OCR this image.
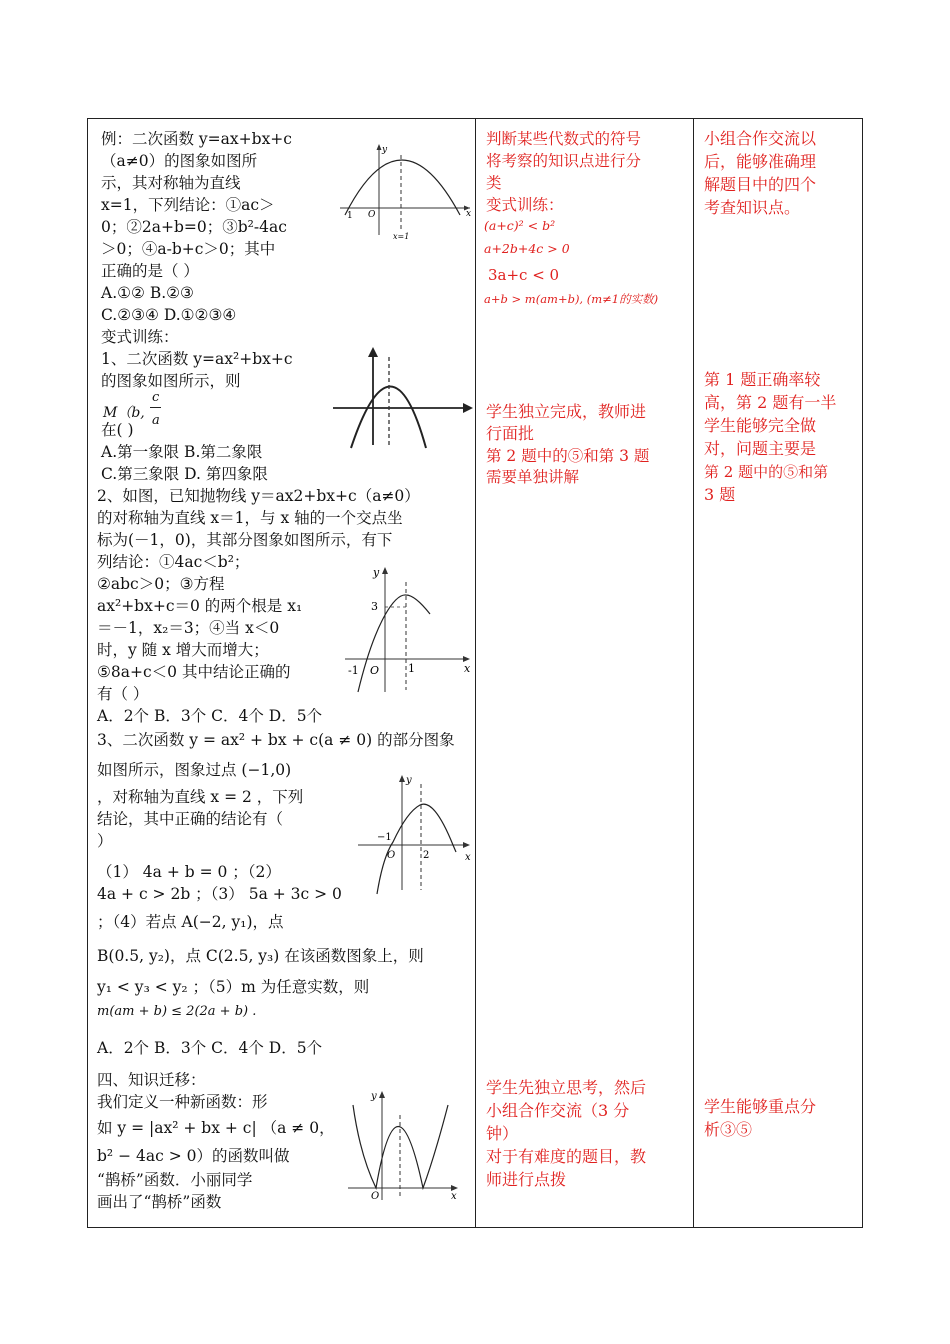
例：二次函数 y=ax+bx+c
（a≠0）的图象如图所
示，其对称轴为直线
x=1，下列结论：①ac＞
0；②2a+b=0；③b²-4ac
＞0；④a-b+c＞0；其中
正确的是（ ）
A.①② B.②③
C.②③④ D.①②③④
y
x
O
1
x=1
变式训练：
1、二次函数 y=ax²+bx+c
的图象如图所示，则
M（b,
c
a
在( )
A.第一象限 B.第二象限
C.第三象限 D. 第四象限
2、如图，已知抛物线 y＝ax2+bx+c（a≠0）
的对称轴为直线 x＝1，与 x 轴的一个交点坐
标为(－1，0)，其部分图象如图所示，有下
列结论：①4ac＜b²；
②abc＞0；③方程
ax²+bx+c＝0 的两个根是 x₁
＝－1，x₂＝3；④当 x＜0
时，y 随 x 增大而增大；
⑤8a+c＜0 其中结论正确的
有（ ）
A．2个 B．3个 C．4个 D．5个
y
x
3
O
-1	1
3、二次函数 y = ax² + bx + c(a ≠ 0) 的部分图象
如图所示，图象过点 (−1,0)
，对称轴为直线 x = 2 ，下列
结论，其中正确的结论有（
）
（1） 4a + b = 0 ；（2）
4a + c > 2b ；（3） 5a + 3c > 0
；（4）若点 A(−2, y₁)，点
B(0.5, y₂)，点 C(2.5, y₃) 在该函数图象上，则
y₁ < y₃ < y₂ ；（5）m 为任意实数，则
m(am + b) ≤ 2(2a + b) .
A．2个 B．3个 C．4个 D．5个
y
x
O
−1
2
四、知识迁移：
我们定义一种新函数：形
如 y = |ax² + bx + c| （a ≠ 0，
b² − 4ac > 0）的函数叫做
“鹊桥”函数．小丽同学
画出了“鹊桥”函数
y
x
O
判断某些代数式的符号
将考察的知识点进行分
类
变式训练：
(a+c)² < b²
a+2b+4c > 0
3a+c < 0
a+b > m(am+b), (m≠1的实数)
学生独立完成，教师进
行面批
第 2 题中的⑤和第 3 题
需要单独讲解
学生先独立思考，然后
小组合作交流（3 分
钟）
对于有难度的题目，教
师进行点拨
小组合作交流以
后，能够准确理
解题目中的四个
考查知识点。
第 1 题正确率较
高，第 2 题有一半
学生能够完全做
对，问题主要是
第 2 题中的⑤和第
3 题
学生能够重点分
析③⑤
